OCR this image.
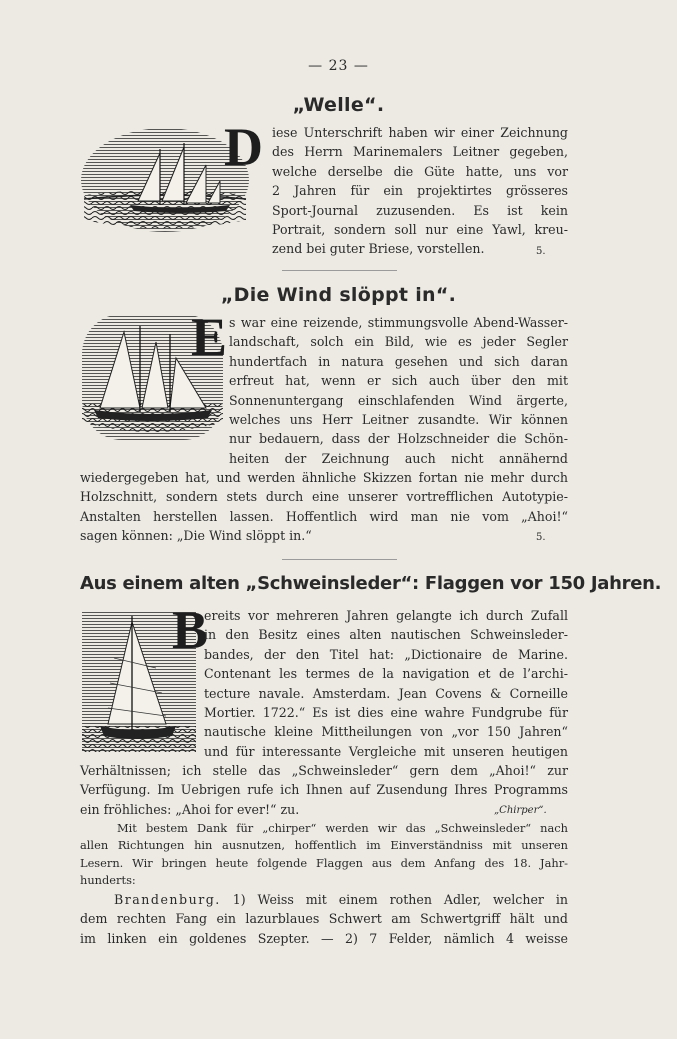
— 23 —
„Welle“.
D iese Unterschrift haben wir einer Zeichnung
des Herrn Marinemalers Leitner gegeben,
welche derselbe die Güte hatte, uns vor
2 Jahren für ein projektirtes grösseres
Sport-Journal zuzusenden. Es ist kein
Portrait, sondern soll nur eine Yawl, kreu-
zend bei guter Briese, vorstellen.	5.
„Die Wind slöppt in“.
E s war eine reizende, stimmungsvolle Abend-Wasser-
landschaft, solch ein Bild, wie es jeder Segler
hundertfach in natura gesehen und sich daran
erfreut hat, wenn er sich auch über den mit
Sonnenuntergang einschlafenden Wind ärgerte,
welches uns Herr Leitner zusandte. Wir können
nur bedauern, dass der Holzschneider die Schön-
heiten der Zeichnung auch nicht annähernd
wiedergegeben hat, und werden ähnliche Skizzen fortan nie mehr durch
Holzschnitt, sondern stets durch eine unserer vortrefflichen Autotypie-
Anstalten herstellen lassen. Hoffentlich wird man nie vom „Ahoi!“
sagen können: „Die Wind slöppt in.“	5.
Aus einem alten „Schweinsleder“: Flaggen vor 150 Jahren.
B
ereits vor mehreren Jahren gelangte ich durch Zufall
in den Besitz eines alten nautischen Schweinsleder-
bandes, der den Titel hat: „Dictionaire de Marine.
Contenant les termes de la navigation et de l’archi-
tecture navale. Amsterdam. Jean Covens & Corneille
Mortier. 1722.“ Es ist dies eine wahre Fundgrube für
nautische kleine Mittheilungen von „vor 150 Jahren“
und für interessante Vergleiche mit unseren heutigen
Verhältnissen; ich stelle das „Schweinsleder“ gern dem „Ahoi!“ zur
Verfügung. Im Uebrigen rufe ich Ihnen auf Zusendung Ihres Programms
ein fröhliches: „Ahoi for ever!“ zu.	„Chirper“.
Mit bestem Dank für „chirper“ werden wir das „Schweinsleder“ nach
allen Richtungen hin ausnutzen, hoffentlich im Einverständniss mit unseren
Lesern. Wir bringen heute folgende Flaggen aus dem Anfang des 18. Jahr-
hunderts:
Brandenburg. 1) Weiss mit einem rothen Adler, welcher in
dem rechten Fang ein lazurblaues Schwert am Schwertgriff hält und
im linken ein goldenes Szepter. — 2) 7 Felder, nämlich 4 weisse
